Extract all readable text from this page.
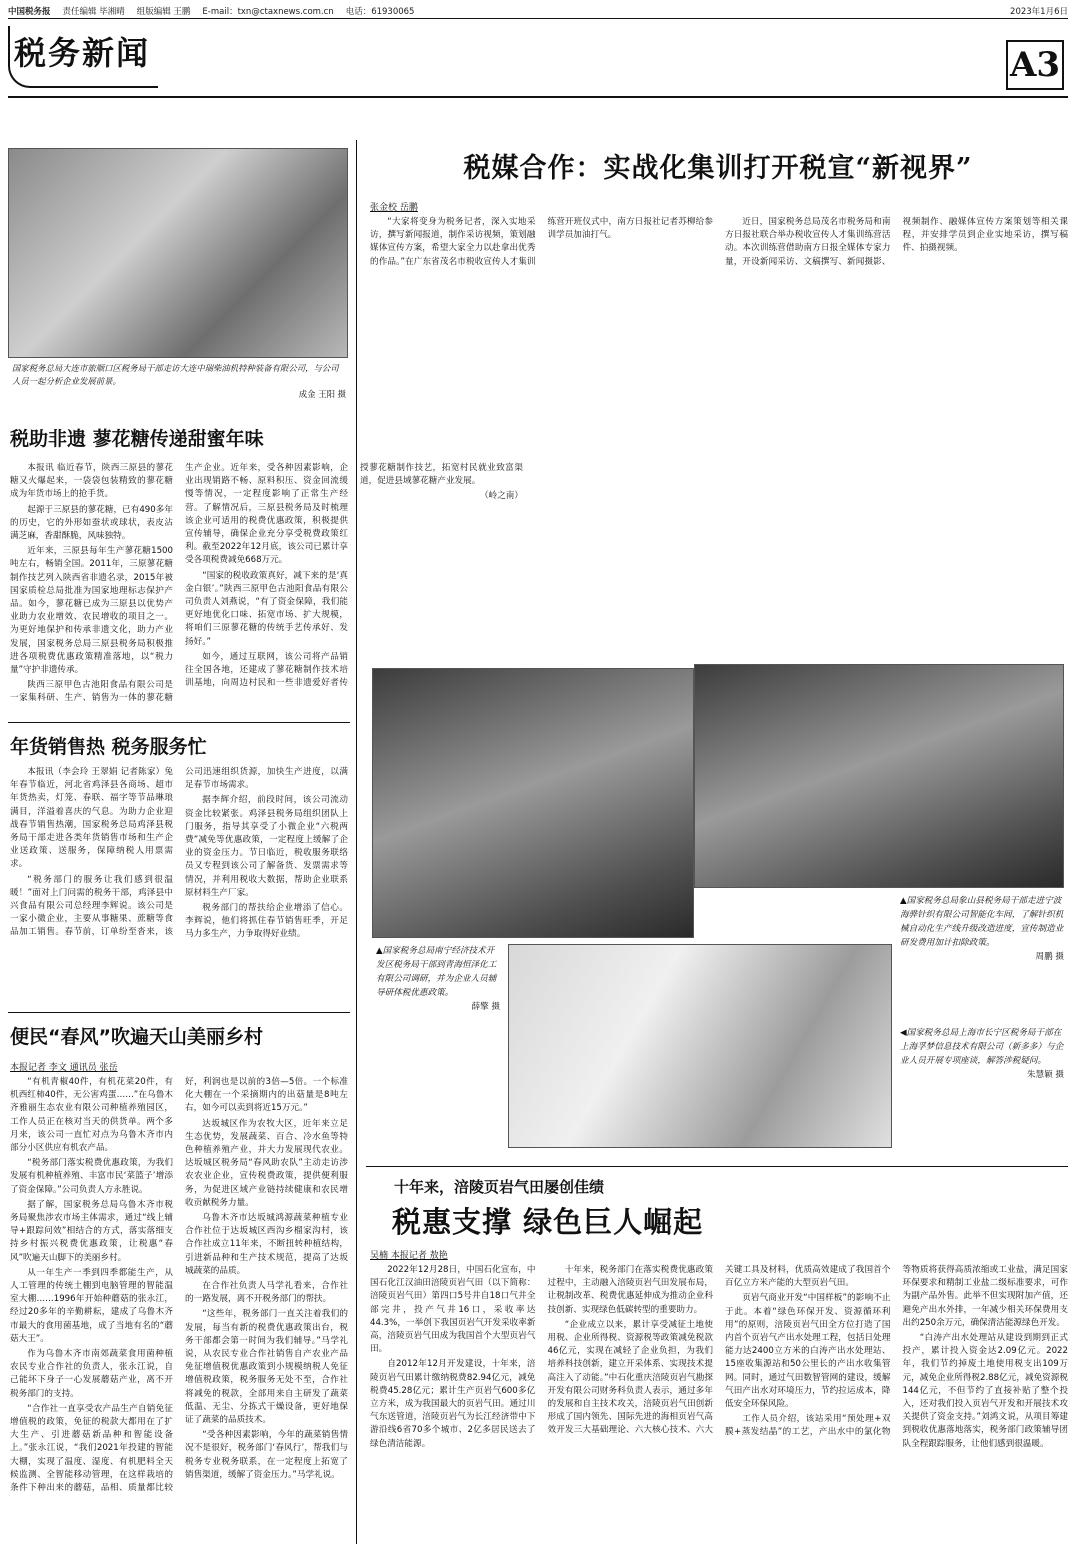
中国税务报 责任编辑 毕湘晴 组版编辑 王鹏 E-mail：txn@ctaxnews.com.cn 电话：61930065	2023年1月6日
税务新闻	A3
国家税务总局大连市旅顺口区税务局干部走访大连中瑞柴油机特种装备有限公司，与公司人员一起分析企业发展前景。
成金 王阳 摄
税助非遗 蓼花糖传递甜蜜年味

本报讯 临近春节，陕西三原县的蓼花糖又火爆起来，一袋袋包装精致的蓼花糖成为年货市场上的抢手货。

起源于三原县的蓼花糖，已有490多年的历史，它的外形如蚕状或球状，表皮沾满芝麻，香甜酥脆，风味独特。

近年来，三原县每年生产蓼花糖1500吨左右，畅销全国。2011年，三原蓼花糖制作技艺列入陕西省非遗名录，2015年被国家质检总局批准为国家地理标志保护产品。如今，蓼花糖已成为三原县以优势产业助力农业增效、农民增收的项目之一。为更好地保护和传承非遗文化，助力产业发展，国家税务总局三原县税务局积极推进各项税费优惠政策精准落地，以“税力量”守护非遗传承。

陕西三原甲色古池阳食品有限公司是一家集科研、生产、销售为一体的蓼花糖生产企业。近年来，受各种因素影响，企业出现销路不畅、原料积压、资金回流缓慢等情况，一定程度影响了正常生产经营。了解情况后，三原县税务局及时梳理该企业可适用的税费优惠政策，积极提供宣传辅导，确保企业充分享受税费政策红利。截至2022年12月底，该公司已累计享受各项税费减免668万元。

“国家的税收政策真好，减下来的是‘真金白银’。”陕西三原甲色古池阳食品有限公司负责人刘燕说，“有了资金保障，我们能更好地优化口味、拓宽市场、扩大规模，将咱们三原蓼花糖的传统手艺传承好、发扬好。”

如今，通过互联网，该公司将产品销往全国各地，还建成了蓼花糖制作技术培训基地，向周边村民和一些非遗爱好者传授蓼花糖制作技艺，拓宽村民就业致富渠道，促进县域蓼花糖产业发展。

（岭之南）

年货销售热 税务服务忙

本报讯（李会玲 王翠娟 记者陈家）兔年春节临近，河北省鸡泽县各商场、超市年货热卖，灯笼、春联、福字等节品琳琅满目，洋溢着喜庆的气息。为助力企业迎战春节销售热潮，国家税务总局鸡泽县税务局干部走进各类年货销售市场和生产企业送政策、送服务，保障纳税人用票需求。

“税务部门的服务让我们感到很温暖！”面对上门问需的税务干部，鸡泽县中兴食品有限公司总经理李辉说。该公司是一家小微企业，主要从事糖果、蔗糖等食品加工销售。春节前，订单纷至沓来，该公司迅速组织货源，加快生产进度，以满足春节市场需求。

据李辉介绍，前段时间，该公司流动资金比较紧张。鸡泽县税务局组织团队上门服务，指导其享受了小微企业“六税两费”减免等优惠政策，一定程度上缓解了企业的资金压力。节日临近，税收服务联络员又专程到该公司了解备货、发票需求等情况，并利用税收大数据，帮助企业联系原材料生产厂家。

税务部门的帮扶给企业增添了信心。李辉说，他们将抓住春节销售旺季，开足马力多生产，力争取得好业绩。

便民“春风”吹遍天山美丽乡村
本报记者 李文 通讯员 张岳

“有机青椒40件，有机花菜20件，有机西红柿40件，无公害鸡蛋……”在乌鲁木齐雅丽生态农业有限公司种植养殖园区，工作人员正在核对当天的供货单。两个多月来，该公司一直忙对点为乌鲁木齐市内部分小区供应有机农产品。

“税务部门落实税费优惠政策，为我们发展有机种植养殖、丰富市民‘菜篮子’增添了资金保障。”公司负责人方永胜说。

据了解，国家税务总局乌鲁木齐市税务局聚焦涉农市场主体需求，通过“线上辅导+跟踪问效”相结合的方式，落实落细支持乡村振兴税费优惠政策，让税惠“春风”吹遍天山脚下的美丽乡村。

从一年生产一季到四季都能生产，从人工管理的传统土棚到电脑管理的智能温室大棚……1996年开始种蘑菇的张永江，经过20多年的辛勤耕耘，建成了乌鲁木齐市最大的食用菌基地，成了当地有名的“蘑菇大王”。

作为乌鲁木齐市南郊蔬菜食用菌种植农民专业合作社的负责人，张永江说，自己能坏下身子一心发展蘑菇产业，离不开税务部门的支持。

“合作社一直享受农产品生产自销免征增值税的政策，免征的税款大都用在了扩大生产、引进蘑菇新品种和智能设备上。”张永江说，“我们2021年投建的智能大棚，实现了温度、湿度、有机肥料全天候监测、全智能移动管理，在这样栽培的条件下种出来的蘑菇，品相、质量都比较好，利润也是以前的3倍—5倍。一个标准化大棚在一个采摘期内的出菇量是8吨左右，如今可以卖到将近15万元。”

达坂城区作为农牧大区，近年来立足生态优势，发展蔬菜、百合、冷水鱼等特色种植养殖产业，并大力发展现代农业。达坂城区税务局“春风助农队”主动走访涉农农业企业，宣传税费政策，提供便利服务，为促进区域产业链持续健康和农民增收贡献税务力量。

乌鲁木齐市达坂城鸿源蔬菜种植专业合作社位于达坂城区西沟乡榴家沟村，该合作社成立11年来，不断扭转种植结构，引进新品种和生产技术规范，提高了达坂城蔬菜的品质。

在合作社负责人马学礼看来，合作社的一路发展，离不开税务部门的帮扶。

“这些年，税务部门一直关注着我们的发展，每当有新的税费优惠政策出台，税务干部都会第一时间为我们辅导。”马学礼说，从农民专业合作社销售自产农业产品免征增值税优惠政策到小规模纳税人免征增值税政策，税务服务无处不至，合作社将减免的税款，全部用来自主研发了蔬菜低温、无尘、分拣式干燥设备，更好地保证了蔬菜的品质技术。

“受各种因素影响，今年的蔬菜销售情况不是很好，税务部门‘春风行’，帮我们与税务专业税务联系，在一定程度上拓宽了销售渠道，缓解了资金压力。”马学礼说。

税媒合作：实战化集训打开税宣“新视界”
张金校 岳鹏

“大家将变身为税务记者，深入实地采访，撰写新闻报道，制作采访视频，策划融媒体宣传方案，希望大家全力以赴拿出优秀的作品。”在广东省茂名市税收宣传人才集训练营开班仪式中，南方日报社记者苏柳给参训学员加油打气。

近日，国家税务总局茂名市税务局和南方日报社联合举办税收宣传人才集训练营活动。本次训练营借助南方日报全媒体专家力量，开设新闻采访、文稿撰写、新闻摄影、视频制作、融媒体宣传方案策划等相关课程，并安排学员到企业实地采访，撰写稿件、拍摄视频。

▲国家税务总局南宁经济技术开发区税务局干部到青海恒泽化工有限公司调研，并为企业人员辅导研体税优惠政策。
薛擎 摄
▲国家税务总局象山县税务局干部走进宁波海骅针织有限公司智能化车间，了解针织机械自动化生产线升级改造进度，宣传制造业研发费用加计扣除政策。
周鹏 摄
◀国家税务总局上海市长宁区税务局干部在上海孚梦信息技术有限公司（新多多）与企业人员开展专项座谈，解答涉税疑问。
朱慧颖 摄
十年来，涪陵页岩气田屡创佳绩
税惠支撑 绿色巨人崛起
吴楠 本报记者 敖艳

2022年12月28日，中国石化宣布，中国石化江汉油田涪陵页岩气田（以下简称：涪陵页岩气田）第四口5号井自18口气井全部完井，投产气井16口，采收率达44.3%，一举创下我国页岩气开发采收率新高，涪陵页岩气田成为我国首个大型页岩气田。

自2012年12月开发建设，十年来，涪陵页岩气田累计缴纳税费82.94亿元，减免税费45.28亿元；累计生产页岩气600多亿立方米，成为我国最大的页岩气田。通过川气东送管道，涪陵页岩气为长江经济带中下游沿线6省70多个城市、2亿多居民送去了绿色清洁能源。

十年来，税务部门在落实税费优惠政策过程中，主动融入涪陵页岩气田发展布局，让税制改革、税费优惠延伸成为推动企业科技创新、实现绿色低碳转型的重要助力。

“企业成立以来，累计享受减征土地使用税、企业所得税、资源税等政策减免税款46亿元，实现在减轻了企业负担，为我们培养科技创新，建立开采体系、实现技术提高注入了动能。”中石化重庆涪陵页岩气勘探开发有限公司财务科负责人表示，通过多年的发展和自主技术攻关，涪陵页岩气田创新形成了国内领先、国际先进的海相页岩气高效开发三大基础理论、六大核心技术、六大关键工具及材料，优质高效建成了我国首个百亿立方米产能的大型页岩气田。

页岩气商业开发“中国样板”的影响不止于此。本着“绿色环保开发、资源循环利用”的原则，涪陵页岩气田全方位打造了国内首个页岩气产出水处理工程，包括日处理能力达2400立方米的白涛产出水处理站、15座收集源站和50公里长的产出水收集管网。同时，通过气田数智管网的建设，缓解气田产出水对环境压力，节约拉运成本，降低安全环保风险。

工作人员介绍，该站采用“预处理+双膜+蒸发结晶”的工艺，产出水中的氯化物等物质将获得高质浓缩或工业盐，满足国家环保要求和精制工业盐二级标准要求，可作为副产品外售。此举不但实现附加产值，还避免产出水外排，一年减少相关环保费用支出约250余万元，确保清洁能源绿色开发。

“白涛产出水处理站从建设到期到正式投产，累计投入资金达2.09亿元。2022年，我们节约掉废土地使用税支出109万元，减免企业所得税2.88亿元，减免资源税144亿元，不但节约了直接补贴了整个投入，还对我们投入页岩气开发和开展技术攻关提供了资金支持。”刘鸿文说，从项目筹建到税收优惠落地落实，税务部门政策辅导团队全程跟踪服务，让他们感到很温暖。
